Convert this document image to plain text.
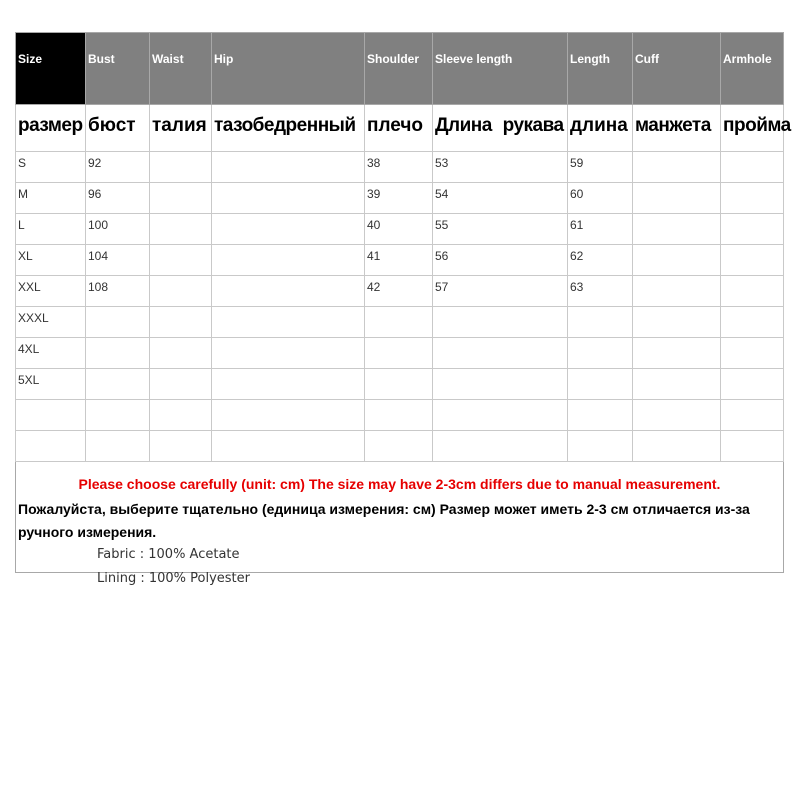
Size	Bust	Waist	Hip	Shoulder	Sleeve length	Length	Cuff	Armhole
размер	бюст	талия	тазобедренный	плечо	Длина рукава	длина	манжета	пройма
S	92			38	53	59		
M	96			39	54	60		
L	100			40	55	61		
XL	104			41	56	62		
XXL	108			42	57	63		
XXXL								
4XL								
5XL								

Please choose carefully (unit: cm) The size may have 2-3cm differs due to manual measurement.
Пожалуйста, выберите тщательно (единица измерения: см) Размер может иметь 2-3 см отличается из-за ручного измерения.								
Fabric : 100% Acetate
Lining : 100% Polyester
